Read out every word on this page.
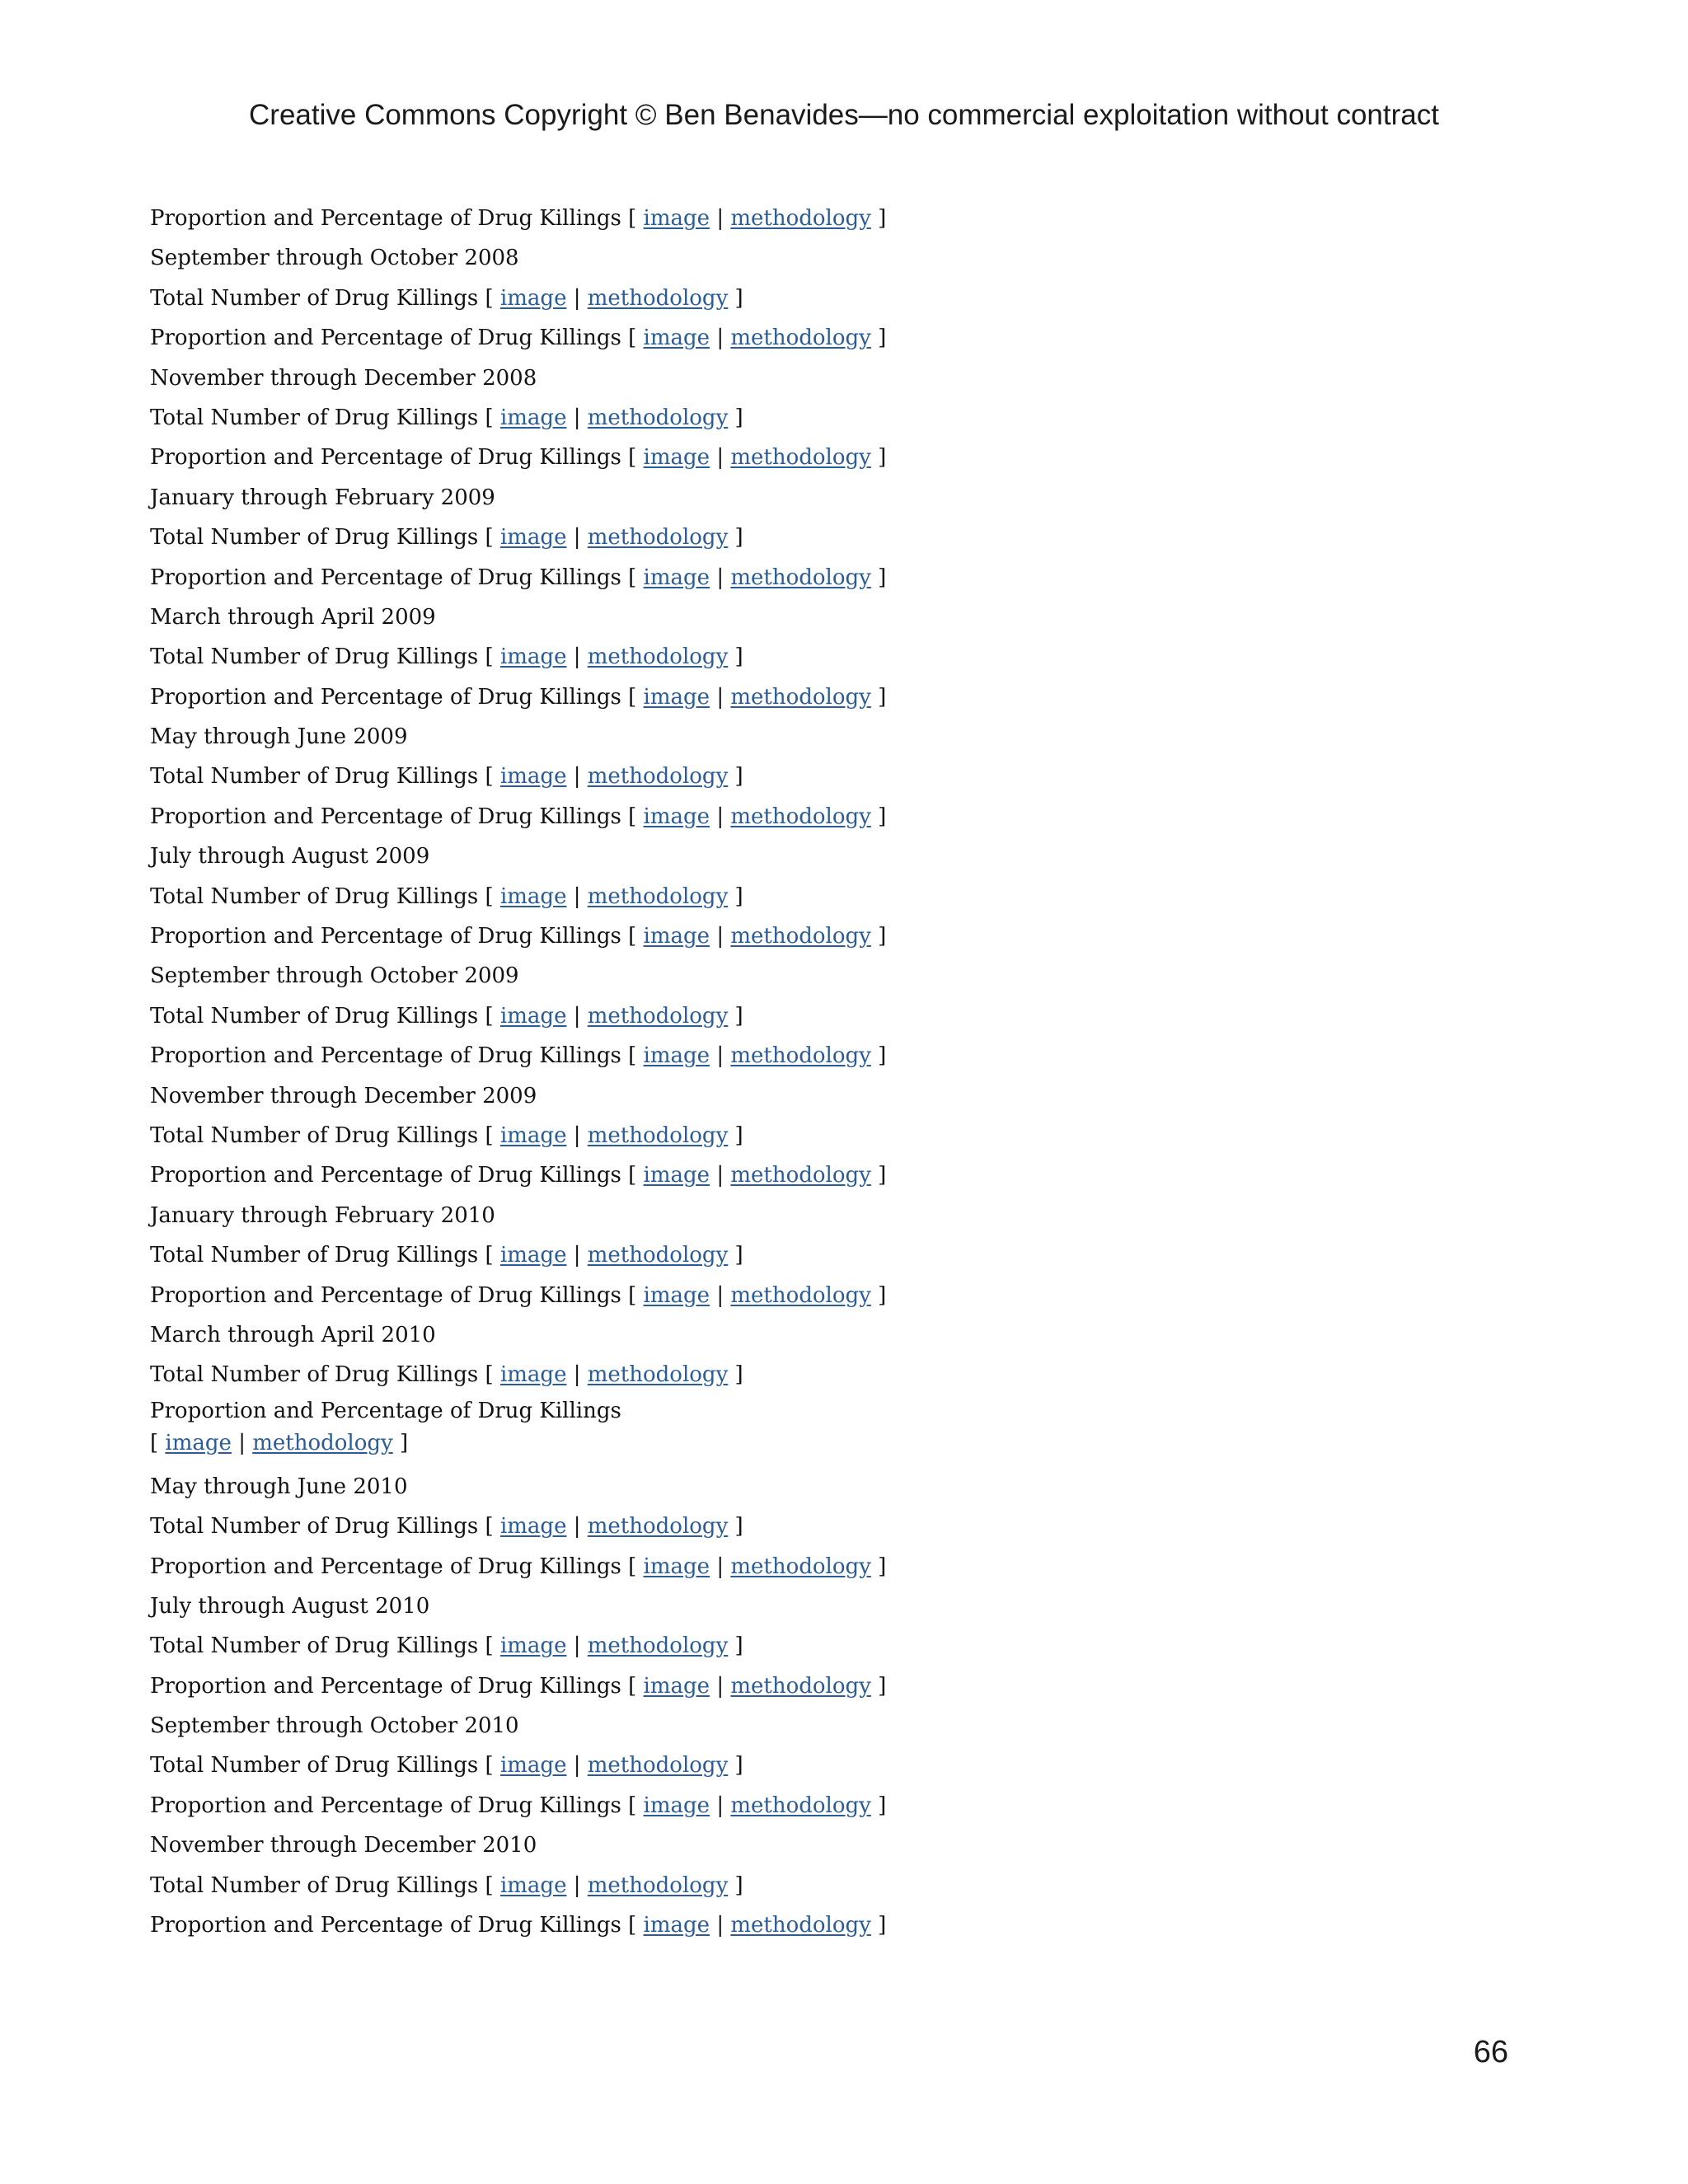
Creative Commons Copyright © Ben Benavides—no commercial exploitation without contract
Proportion and Percentage of Drug Killings [ image | methodology ]
September through October 2008
Total Number of Drug Killings [ image | methodology ]
Proportion and Percentage of Drug Killings [ image | methodology ]
November through December 2008
Total Number of Drug Killings [ image | methodology ]
Proportion and Percentage of Drug Killings [ image | methodology ]
January through February 2009
Total Number of Drug Killings [ image | methodology ]
Proportion and Percentage of Drug Killings [ image | methodology ]
March through April 2009
Total Number of Drug Killings [ image | methodology ]
Proportion and Percentage of Drug Killings [ image | methodology ]
May through June 2009
Total Number of Drug Killings [ image | methodology ]
Proportion and Percentage of Drug Killings [ image | methodology ]
July through August 2009
Total Number of Drug Killings [ image | methodology ]
Proportion and Percentage of Drug Killings [ image | methodology ]
September through October 2009
Total Number of Drug Killings [ image | methodology ]
Proportion and Percentage of Drug Killings [ image | methodology ]
November through December 2009
Total Number of Drug Killings [ image | methodology ]
Proportion and Percentage of Drug Killings [ image | methodology ]
January through February 2010
Total Number of Drug Killings [ image | methodology ]
Proportion and Percentage of Drug Killings [ image | methodology ]
March through April 2010
Total Number of Drug Killings [ image | methodology ]
Proportion and Percentage of Drug Killings
[ image | methodology ]
May through June 2010
Total Number of Drug Killings [ image | methodology ]
Proportion and Percentage of Drug Killings [ image | methodology ]
July through August 2010
Total Number of Drug Killings [ image | methodology ]
Proportion and Percentage of Drug Killings [ image | methodology ]
September through October 2010
Total Number of Drug Killings [ image | methodology ]
Proportion and Percentage of Drug Killings [ image | methodology ]
November through December 2010
Total Number of Drug Killings [ image | methodology ]
Proportion and Percentage of Drug Killings [ image | methodology ]
66
